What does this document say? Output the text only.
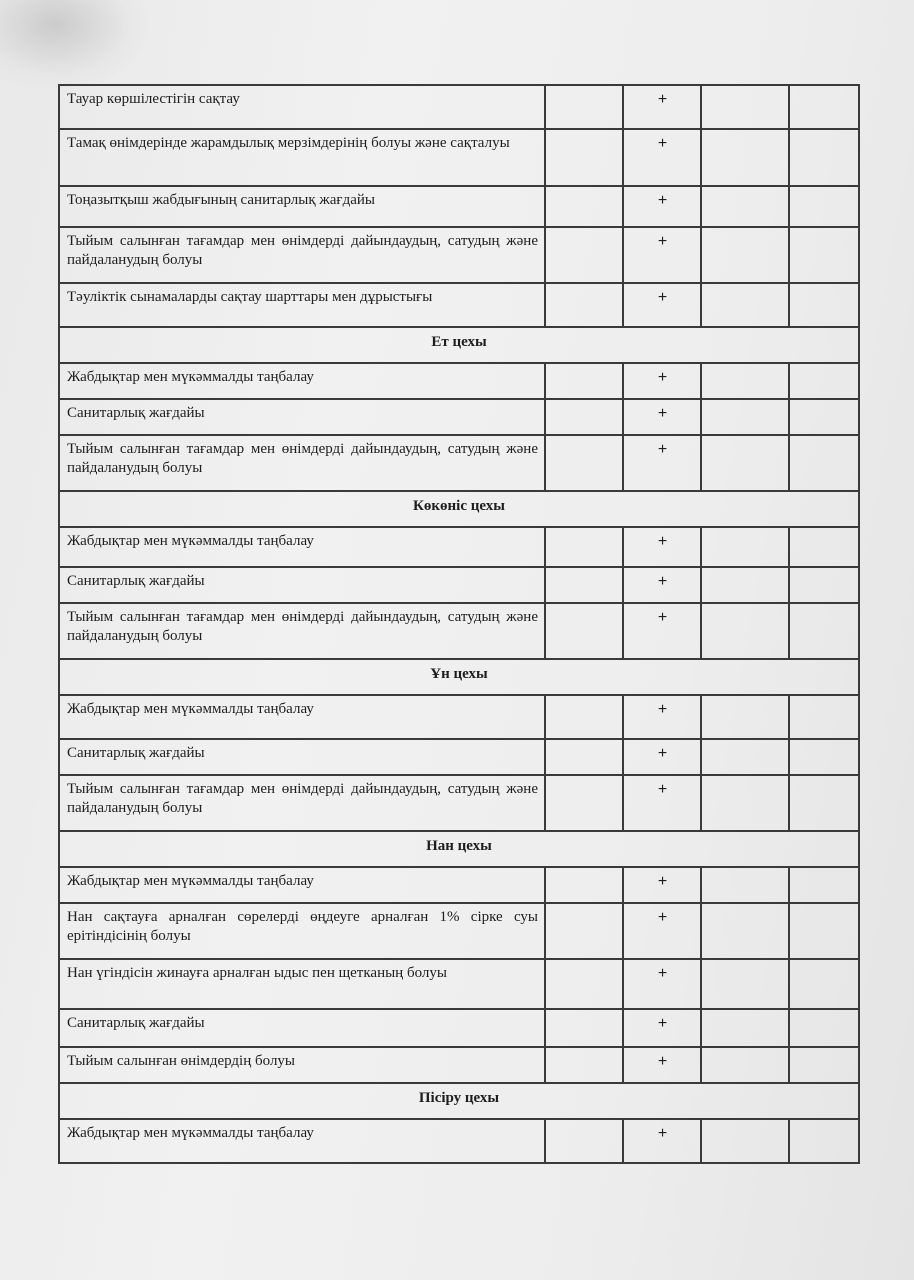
Тауар көршілестігін сақтау		+		
Тамақ өнімдерінде жарамдылық мерзімдерінің болуы және сақталуы		+		
Тоңазытқыш жабдығының санитарлық жағдайы		+		
Тыйым салынған тағамдар мен өнімдерді дайындаудың, сатудың және пайдаланудың болуы		+		
Тәуліктік сынамаларды сақтау шарттары мен дұрыстығы		+		
Ет цехы				
Жабдықтар мен мүкәммалды таңбалау		+		
Санитарлық жағдайы		+		
Тыйым салынған тағамдар мен өнімдерді дайындаудың, сатудың және пайдаланудың болуы		+		
Көкөніс цехы				
Жабдықтар мен мүкәммалды таңбалау		+		
Санитарлық жағдайы		+		
Тыйым салынған тағамдар мен өнімдерді дайындаудың, сатудың және пайдаланудың болуы		+		
Ұн цехы				
Жабдықтар мен мүкәммалды таңбалау		+		
Санитарлық жағдайы		+		
Тыйым салынған тағамдар мен өнімдерді дайындаудың, сатудың және пайдаланудың болуы		+		
Нан цехы				
Жабдықтар мен мүкәммалды таңбалау		+		
Нан сақтауға арналған сөрелерді өңдеуге арналған 1% сірке суы ерітіндісінің болуы		+		
Нан үгіндісін жинауға арналған ыдыс пен щетканың болуы		+		
Санитарлық жағдайы		+		
Тыйым салынған өнімдердің болуы		+		
Пісіру цехы				
Жабдықтар мен мүкәммалды таңбалау		+		
